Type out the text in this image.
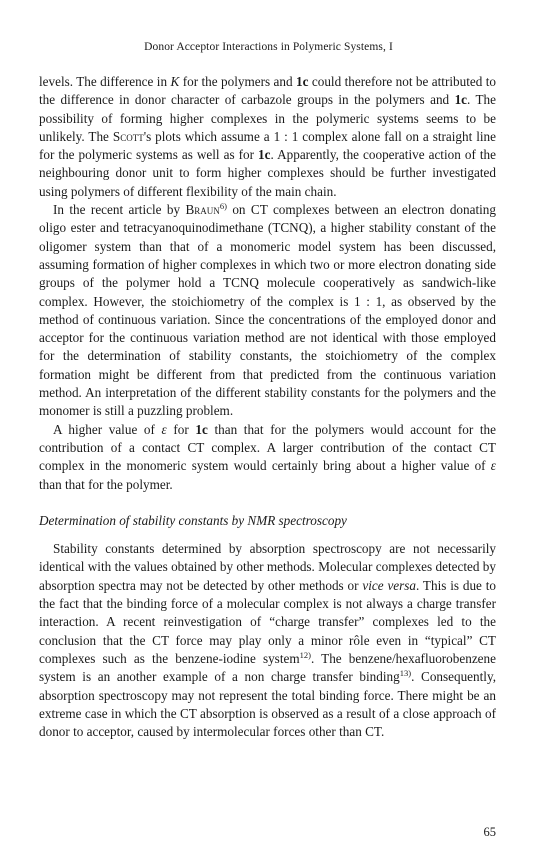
Donor Acceptor Interactions in Polymeric Systems, I

levels. The difference in K for the polymers and 1c could therefore not be attributed to the difference in donor character of carbazole groups in the polymers and 1c. The possibility of forming higher complexes in the polymeric systems seems to be unlikely. The Scott's plots which assume a 1 : 1 complex alone fall on a straight line for the polymeric systems as well as for 1c. Apparently, the cooperative action of the neighbouring donor unit to form higher complexes should be further investigated using polymers of different flexibility of the main chain.

In the recent article by Braun$^{6)}$ on CT complexes between an electron donating oligo ester and tetracyanoquinodimethane (TCNQ), a higher stability constant of the oligomer system than that of a monomeric model system has been discussed, assuming formation of higher complexes in which two or more electron donating side groups of the polymer hold a TCNQ molecule cooperatively as sandwich-like complex. However, the stoichiometry of the complex is 1 : 1, as observed by the method of continuous variation. Since the concentrations of the employed donor and acceptor for the continuous variation method are not identical with those employed for the determination of stability constants, the stoichiometry of the complex formation might be different from that predicted from the continuous variation method. An interpretation of the different stability constants for the polymers and the monomer is still a puzzling problem.

A higher value of ε for 1c than that for the polymers would account for the contribution of a contact CT complex. A larger contribution of the contact CT complex in the monomeric system would certainly bring about a higher value of ε than that for the polymer.

Determination of stability constants by NMR spectroscopy

Stability constants determined by absorption spectroscopy are not necessarily identical with the values obtained by other methods. Molecular complexes detected by absorption spectra may not be detected by other methods or vice versa. This is due to the fact that the binding force of a molecular complex is not always a charge transfer interaction. A recent reinvestigation of “charge transfer” complexes led to the conclusion that the CT force may play only a minor rôle even in “typical” CT complexes such as the benzene-iodine system$^{12)}$. The benzene/hexafluorobenzene system is an another example of a non charge transfer binding$^{13)}$. Consequently, absorption spectroscopy may not represent the total binding force. There might be an extreme case in which the CT absorption is observed as a result of a close approach of donor to acceptor, caused by intermolecular forces other than CT.

65
